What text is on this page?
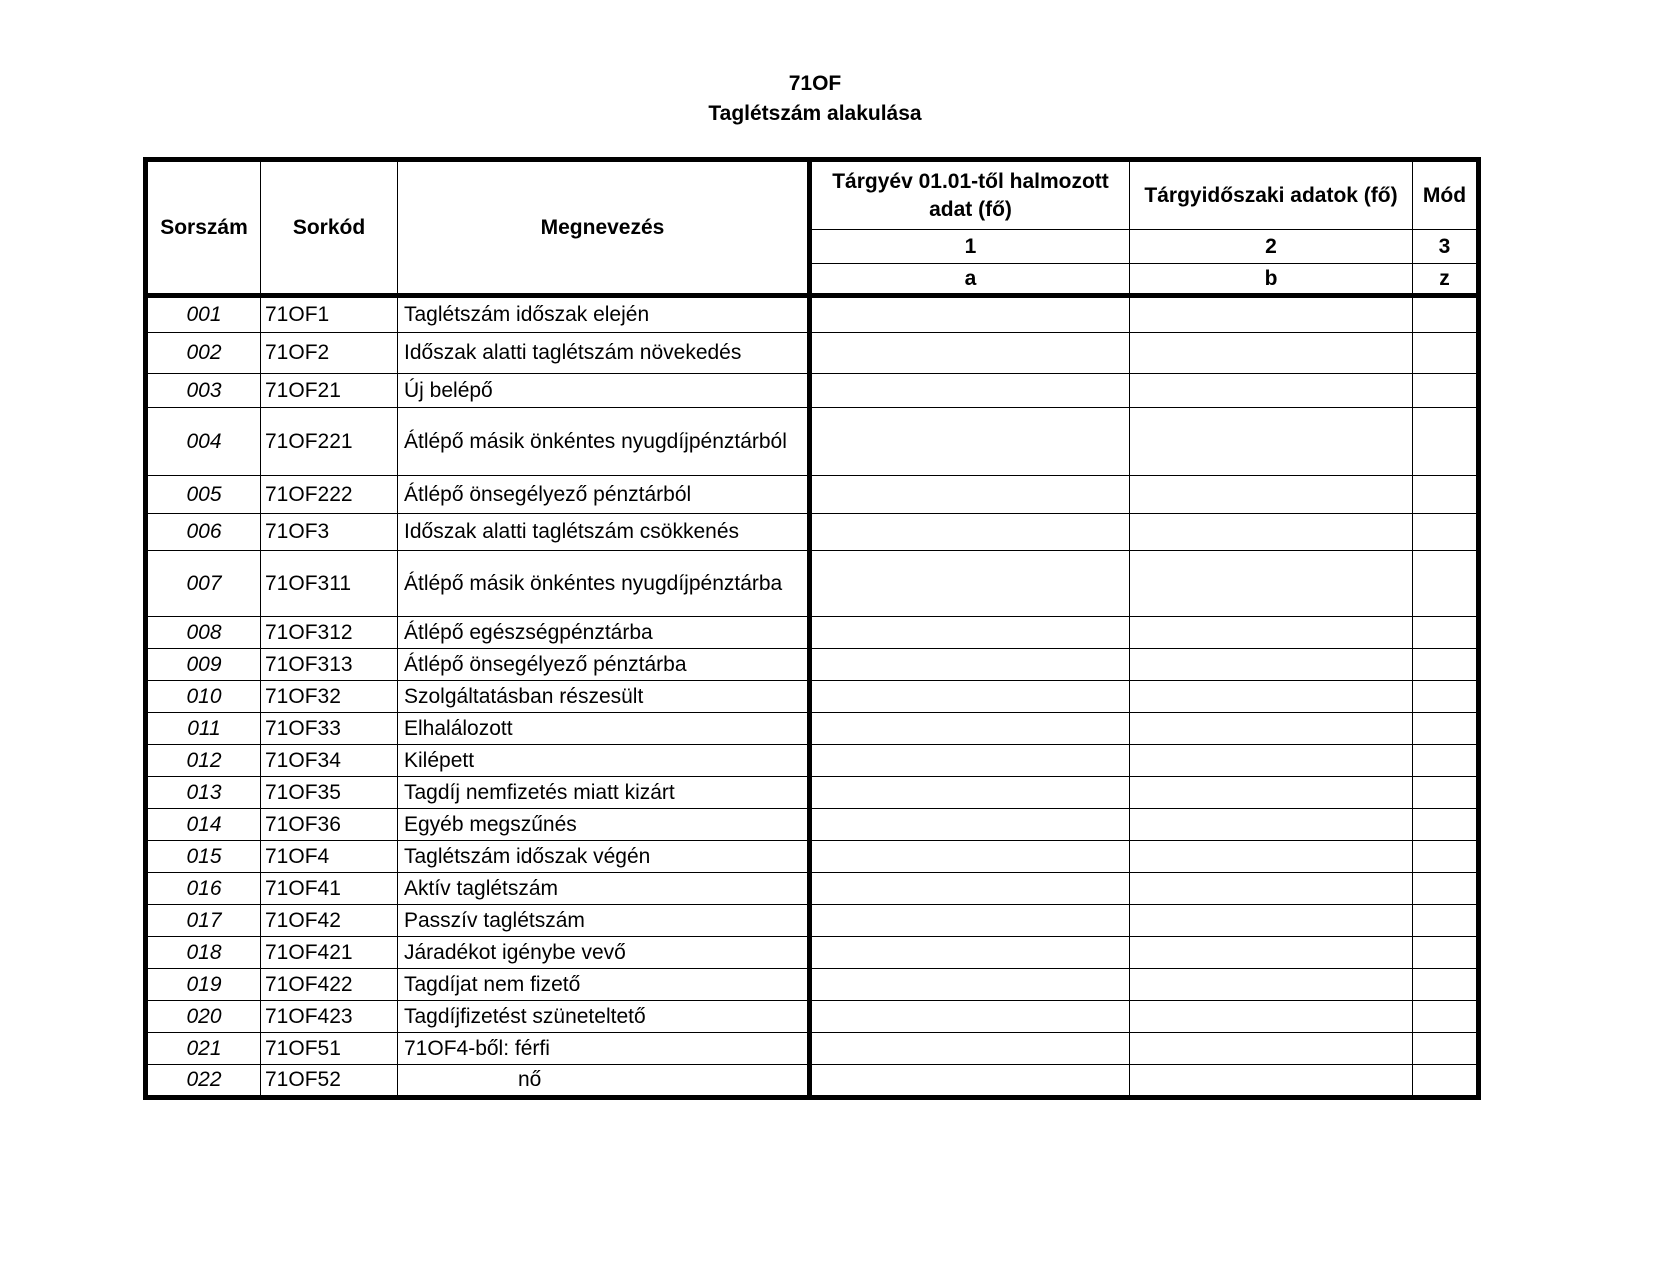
71OF
Taglétszám alakulása
Sorszám	Sorkód	Megnevezés	Tárgyév 01.01-től halmozott adat (fő)	Tárgyidőszaki adatok (fő)	Mód
			1	2	3
			a	b	z
001	71OF1	Taglétszám időszak elején			
002	71OF2	Időszak alatti taglétszám növekedés			
003	71OF21	Új belépő			
004	71OF221	Átlépő másik önkéntes nyugdíjpénztárból			
005	71OF222	Átlépő önsegélyező pénztárból			
006	71OF3	Időszak alatti taglétszám csökkenés			
007	71OF311	Átlépő másik önkéntes nyugdíjpénztárba			
008	71OF312	Átlépő egészségpénztárba			
009	71OF313	Átlépő önsegélyező pénztárba			
010	71OF32	Szolgáltatásban részesült			
011	71OF33	Elhalálozott			
012	71OF34	Kilépett			
013	71OF35	Tagdíj nemfizetés miatt kizárt			
014	71OF36	Egyéb megszűnés			
015	71OF4	Taglétszám időszak végén			
016	71OF41	Aktív taglétszám			
017	71OF42	Passzív taglétszám			
018	71OF421	Járadékot igénybe vevő			
019	71OF422	Tagdíjat nem fizető			
020	71OF423	Tagdíjfizetést szüneteltető			
021	71OF51	71OF4-ből: férfi			
022	71OF52	nő			
